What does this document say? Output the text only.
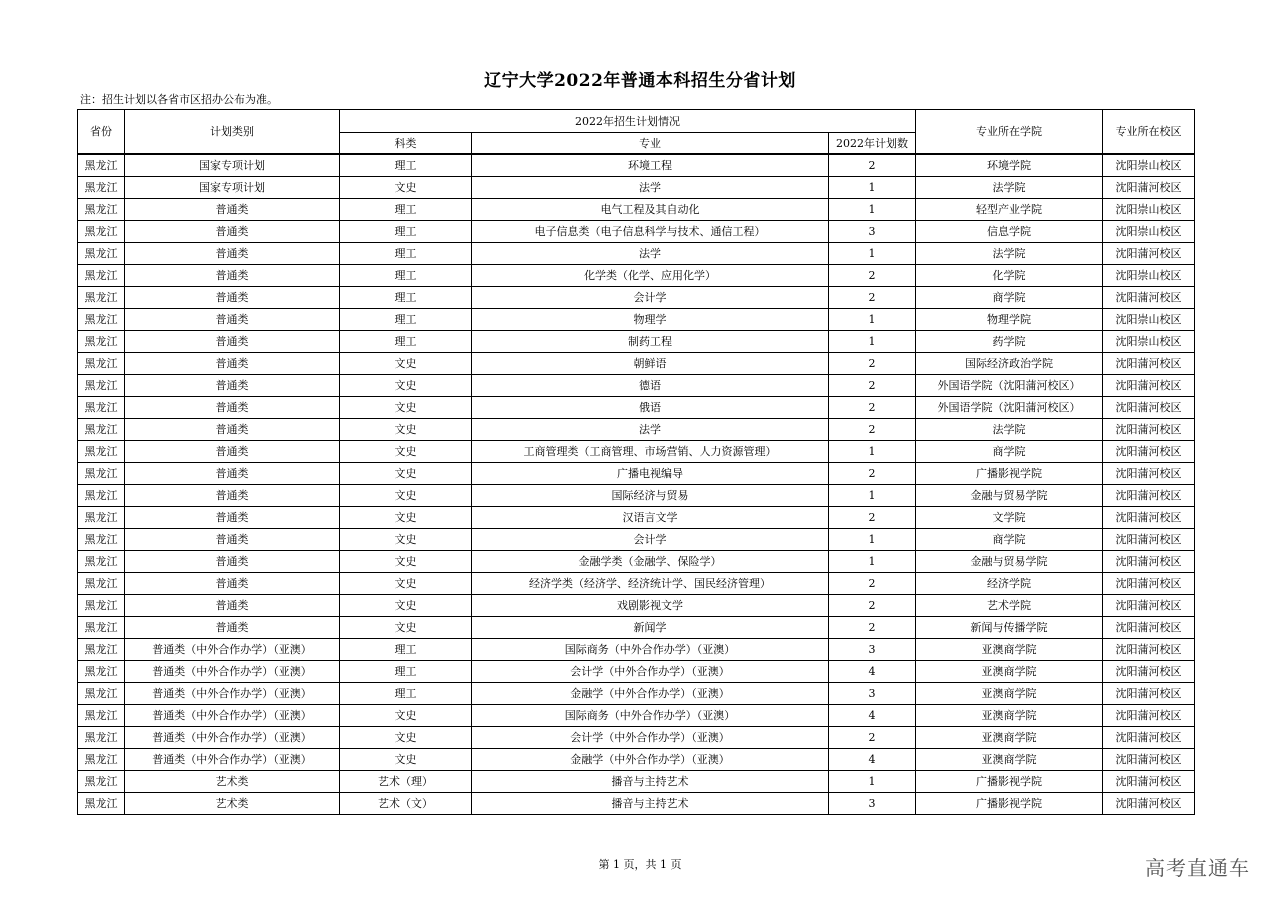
辽宁大学2022年普通本科招生分省计划
注：招生计划以各省市区招办公布为准。
省份	计划类别	2022年招生计划情况			专业所在学院	专业所在校区
		科类	专业	2022年计划数		
黑龙江	国家专项计划	理工	环境工程	2	环境学院	沈阳崇山校区
黑龙江	国家专项计划	文史	法学	1	法学院	沈阳蒲河校区
黑龙江	普通类	理工	电气工程及其自动化	1	轻型产业学院	沈阳崇山校区
黑龙江	普通类	理工	电子信息类（电子信息科学与技术、通信工程）	3	信息学院	沈阳崇山校区
黑龙江	普通类	理工	法学	1	法学院	沈阳蒲河校区
黑龙江	普通类	理工	化学类（化学、应用化学）	2	化学院	沈阳崇山校区
黑龙江	普通类	理工	会计学	2	商学院	沈阳蒲河校区
黑龙江	普通类	理工	物理学	1	物理学院	沈阳崇山校区
黑龙江	普通类	理工	制药工程	1	药学院	沈阳崇山校区
黑龙江	普通类	文史	朝鲜语	2	国际经济政治学院	沈阳蒲河校区
黑龙江	普通类	文史	德语	2	外国语学院（沈阳蒲河校区）	沈阳蒲河校区
黑龙江	普通类	文史	俄语	2	外国语学院（沈阳蒲河校区）	沈阳蒲河校区
黑龙江	普通类	文史	法学	2	法学院	沈阳蒲河校区
黑龙江	普通类	文史	工商管理类（工商管理、市场营销、人力资源管理）	1	商学院	沈阳蒲河校区
黑龙江	普通类	文史	广播电视编导	2	广播影视学院	沈阳蒲河校区
黑龙江	普通类	文史	国际经济与贸易	1	金融与贸易学院	沈阳蒲河校区
黑龙江	普通类	文史	汉语言文学	2	文学院	沈阳蒲河校区
黑龙江	普通类	文史	会计学	1	商学院	沈阳蒲河校区
黑龙江	普通类	文史	金融学类（金融学、保险学）	1	金融与贸易学院	沈阳蒲河校区
黑龙江	普通类	文史	经济学类（经济学、经济统计学、国民经济管理）	2	经济学院	沈阳蒲河校区
黑龙江	普通类	文史	戏剧影视文学	2	艺术学院	沈阳蒲河校区
黑龙江	普通类	文史	新闻学	2	新闻与传播学院	沈阳蒲河校区
黑龙江	普通类（中外合作办学）（亚澳）	理工	国际商务（中外合作办学）（亚澳）	3	亚澳商学院	沈阳蒲河校区
黑龙江	普通类（中外合作办学）（亚澳）	理工	会计学（中外合作办学）（亚澳）	4	亚澳商学院	沈阳蒲河校区
黑龙江	普通类（中外合作办学）（亚澳）	理工	金融学（中外合作办学）（亚澳）	3	亚澳商学院	沈阳蒲河校区
黑龙江	普通类（中外合作办学）（亚澳）	文史	国际商务（中外合作办学）（亚澳）	4	亚澳商学院	沈阳蒲河校区
黑龙江	普通类（中外合作办学）（亚澳）	文史	会计学（中外合作办学）（亚澳）	2	亚澳商学院	沈阳蒲河校区
黑龙江	普通类（中外合作办学）（亚澳）	文史	金融学（中外合作办学）（亚澳）	4	亚澳商学院	沈阳蒲河校区
黑龙江	艺术类	艺术（理）	播音与主持艺术	1	广播影视学院	沈阳蒲河校区
黑龙江	艺术类	艺术（文）	播音与主持艺术	3	广播影视学院	沈阳蒲河校区
第 1 页，共 1 页	高考直通车
